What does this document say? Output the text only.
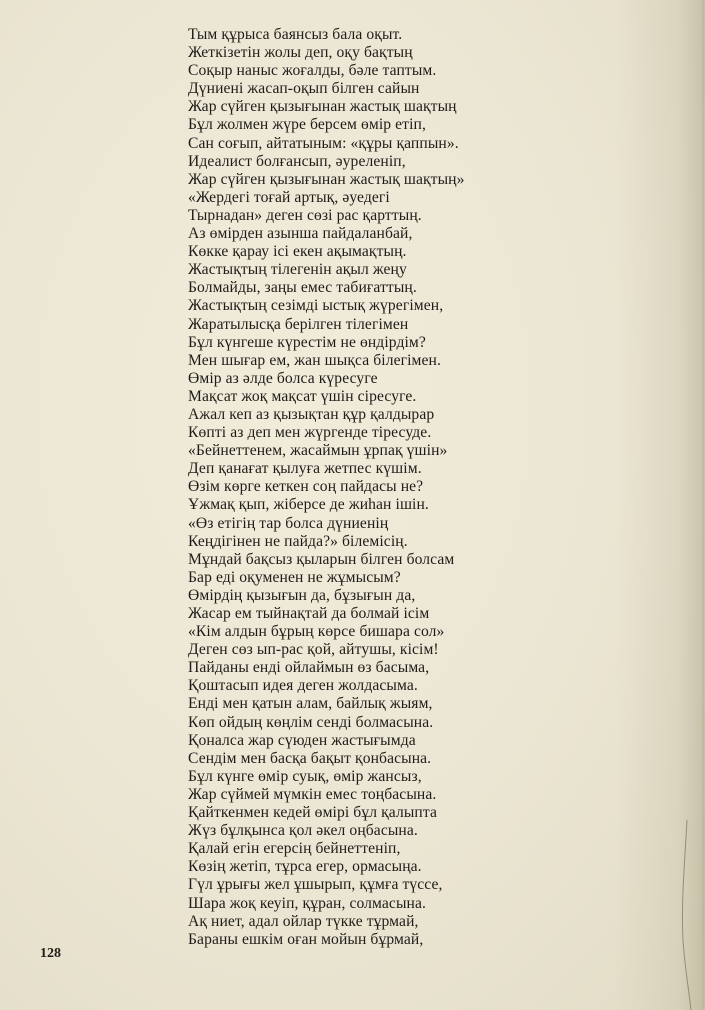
Тым құрыса баянсыз бала оқыт.
Жеткізетін жолы деп, оқу бақтың
Соқыр наныс жоғалды, бәле таптым.
Дүниені жасап-оқып білген сайын
Жар сүйген қызығынан жастық шақтың
Бұл жолмен жүре берсем өмір етіп,
Сан соғып, айтатыным: «құры қаппын».
Идеалист болғансып, әуреленіп,
Жар сүйген қызығынан жастық шақтың»
«Жердегі тоғай артық, әуедегі
Тырнадан» деген сөзі рас қарттың.
Аз өмірден азынша пайдаланбай,
Көкке қарау ісі екен ақымақтың.
Жастықтың тілегенін ақыл жеңу
Болмайды, заңы емес табиғаттың.
Жастықтың сезімді ыстық жүрегімен,
Жаратылысқа берілген тілегімен
Бұл күнгеше күрестім не өндірдім?
Мен шығар ем, жан шықса білегімен.
Өмір аз әлде болса күресуге
Мақсат жоқ мақсат үшін сіресуге.
Ажал кеп аз қызықтан құр қалдырар
Көпті аз деп мен жүргенде тіресуде.
«Бейнеттенем, жасаймын ұрпақ үшін»
Деп қанағат қылуға жетпес күшім.
Өзім көрге кеткен соң пайдасы не?
Ұжмақ қып, жіберсе де жиһан ішін.
«Өз етігің тар болса дүниенің
Кеңдігінен не пайда?» білемісің.
Мұндай бақсыз қыларын білген болсам
Бар еді оқуменен не жұмысым?
Өмірдің қызығын да, бұзығын да,
Жасар ем тыйнақтай да болмай ісім
«Кім алдын бұрың көрсе бишара сол»
Деген сөз ып-рас қой, айтушы, кісім!
Пайданы енді ойлаймын өз басыма,
Қоштасып идея деген жолдасыма.
Енді мен қатын алам, байлық жыям,
Көп ойдың көңлім сенді болмасына.
Қоналса жар сүюден жастығымда
Сендім мен басқа бақыт қонбасына.
Бұл күнге өмір суық, өмір жансыз,
Жар сүймей мүмкін емес тоңбасына.
Қайткенмен кедей өмірі бұл қалыпта
Жүз бұлқынса қол әкел оңбасына.
Қалай егін егерсің бейнеттеніп,
Көзің жетіп, тұрса егер, ормасыңа.
Гүл ұрығы жел ұшырып, құмға түссе,
Шара жоқ кеуіп, құран, солмасына.
Ақ ниет, адал ойлар түкке тұрмай,
Бараны ешкім оған мойын бұрмай,
128
